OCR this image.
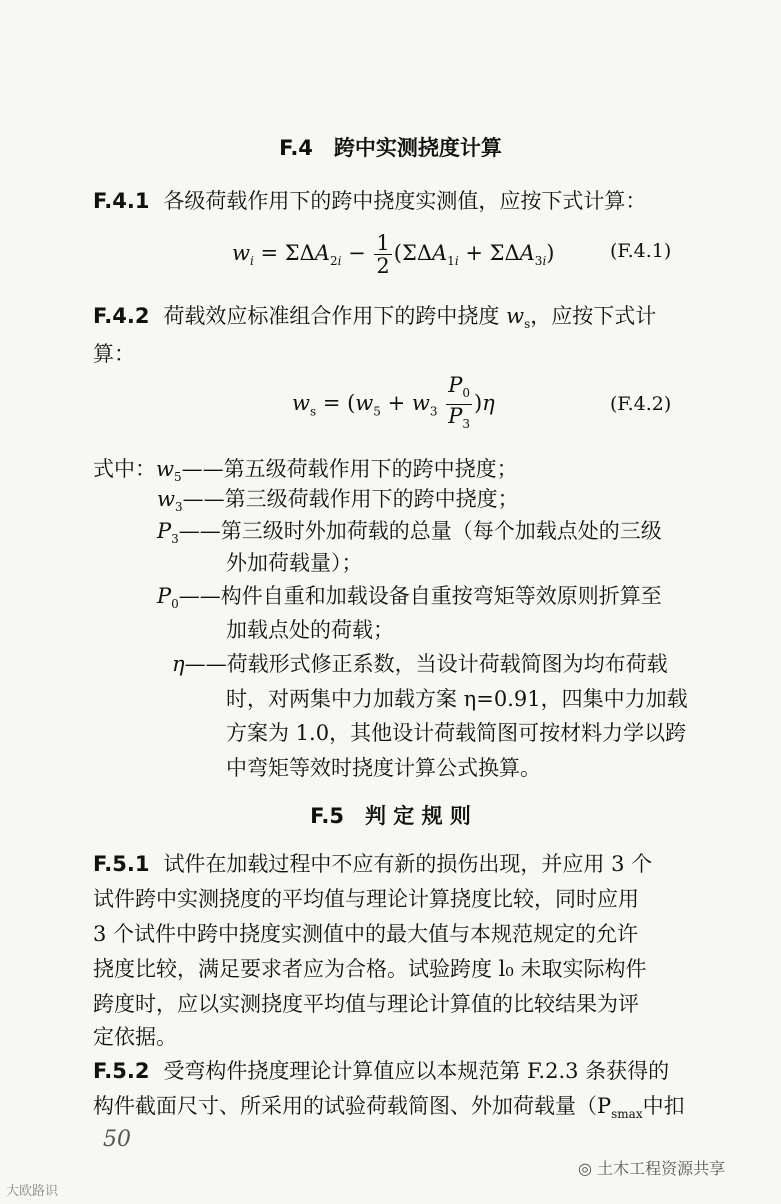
F.4　跨中实测挠度计算
F.4.1 各级荷载作用下的跨中挠度实测值，应按下式计算：
$w_i = \Sigma\Delta A_{2i} - \frac{1}{2} (\Sigma\Delta A_{1i} + \Sigma\Delta A_{3i})$	(F.4.1)
F.4.2 荷载效应标准组合作用下的跨中挠度 $w_s$，应按下式计
算：
$w_s = (w_5 + w_3 \frac{P_0}{P_3} )\eta$	(F.4.2)
式中：$w_5——$第五级荷载作用下的跨中挠度；
$w_3——$第三级荷载作用下的跨中挠度；
$P_3——$第三级时外加荷载的总量（每个加载点处的三级
外加荷载量）；
$P_0——$构件自重和加载设备自重按弯矩等效原则折算至
加载点处的荷载；
η——荷载形式修正系数，当设计荷载简图为均布荷载
时，对两集中力加载方案 η=0.91，四集中力加载
方案为 1.0，其他设计荷载简图可按材料力学以跨
中弯矩等效时挠度计算公式换算。
F.5　判 定 规 则
F.5.1 试件在加载过程中不应有新的损伤出现，并应用 3 个
试件跨中实测挠度的平均值与理论计算挠度比较，同时应用
3 个试件中跨中挠度实测值中的最大值与本规范规定的允许
挠度比较，满足要求者应为合格。试验跨度 l₀ 未取实际构件
跨度时，应以实测挠度平均值与理论计算值的比较结果为评
定依据。
F.5.2 受弯构件挠度理论计算值应以本规范第 F.2.3 条获得的
构件截面尺寸、所采用的试验荷载简图、外加荷载量（$P_{smax}$中扣
50
大欧路识
◎ 土木工程资源共享
